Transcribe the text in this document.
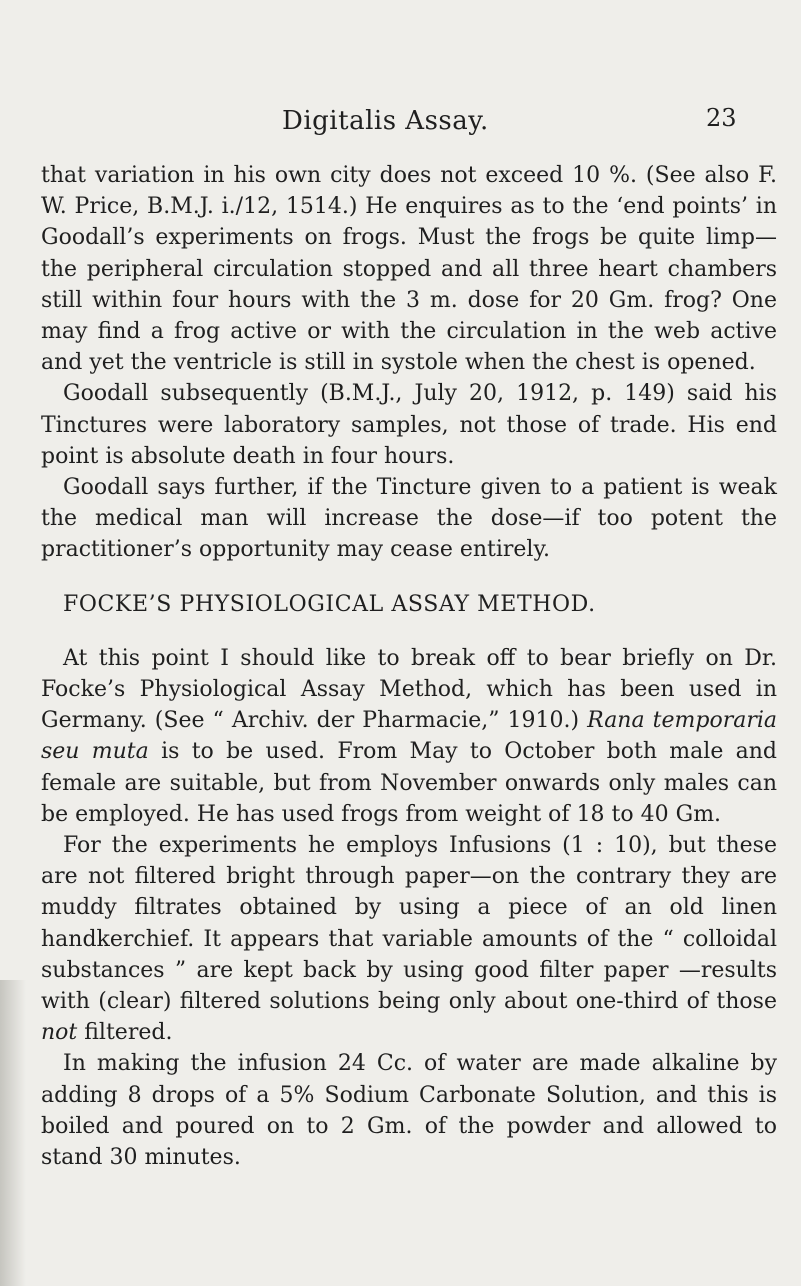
Digitalis Assay.	23

that variation in his own city does not exceed 10 %. (See also F. W. Price, B.M.J. i./12, 1514.) He enquires as to the ‘end points’ in Goodall’s experiments on frogs. Must the frogs be quite limp—the peripheral circulation stopped and all three heart chambers still within four hours with the 3 m. dose for 20 Gm. frog? One may find a frog active or with the circulation in the web active and yet the ventricle is still in systole when the chest is opened.

Goodall subsequently (B.M.J., July 20, 1912, p. 149) said his Tinctures were laboratory samples, not those of trade. His end point is absolute death in four hours.

Goodall says further, if the Tincture given to a patient is weak the medical man will increase the dose—if too potent the practitioner’s opportunity may cease entirely.

FOCKE’S PHYSIOLOGICAL ASSAY METHOD.

At this point I should like to break off to bear briefly on Dr. Focke’s Physiological Assay Method, which has been used in Germany. (See “ Archiv. der Pharmacie,” 1910.) Rana temporaria seu muta is to be used. From May to October both male and female are suitable, but from November onwards only males can be employed. He has used frogs from weight of 18 to 40 Gm.

For the experiments he employs Infusions (1 : 10), but these are not filtered bright through paper—on the contrary they are muddy filtrates obtained by using a piece of an old linen handkerchief. It appears that variable amounts of the “ colloidal substances ” are kept back by using good filter paper —results with (clear) filtered solutions being only about one-third of those not filtered.

In making the infusion 24 Cc. of water are made alkaline by adding 8 drops of a 5% Sodium Carbonate Solution, and this is boiled and poured on to 2 Gm. of the powder and allowed to stand 30 minutes.
